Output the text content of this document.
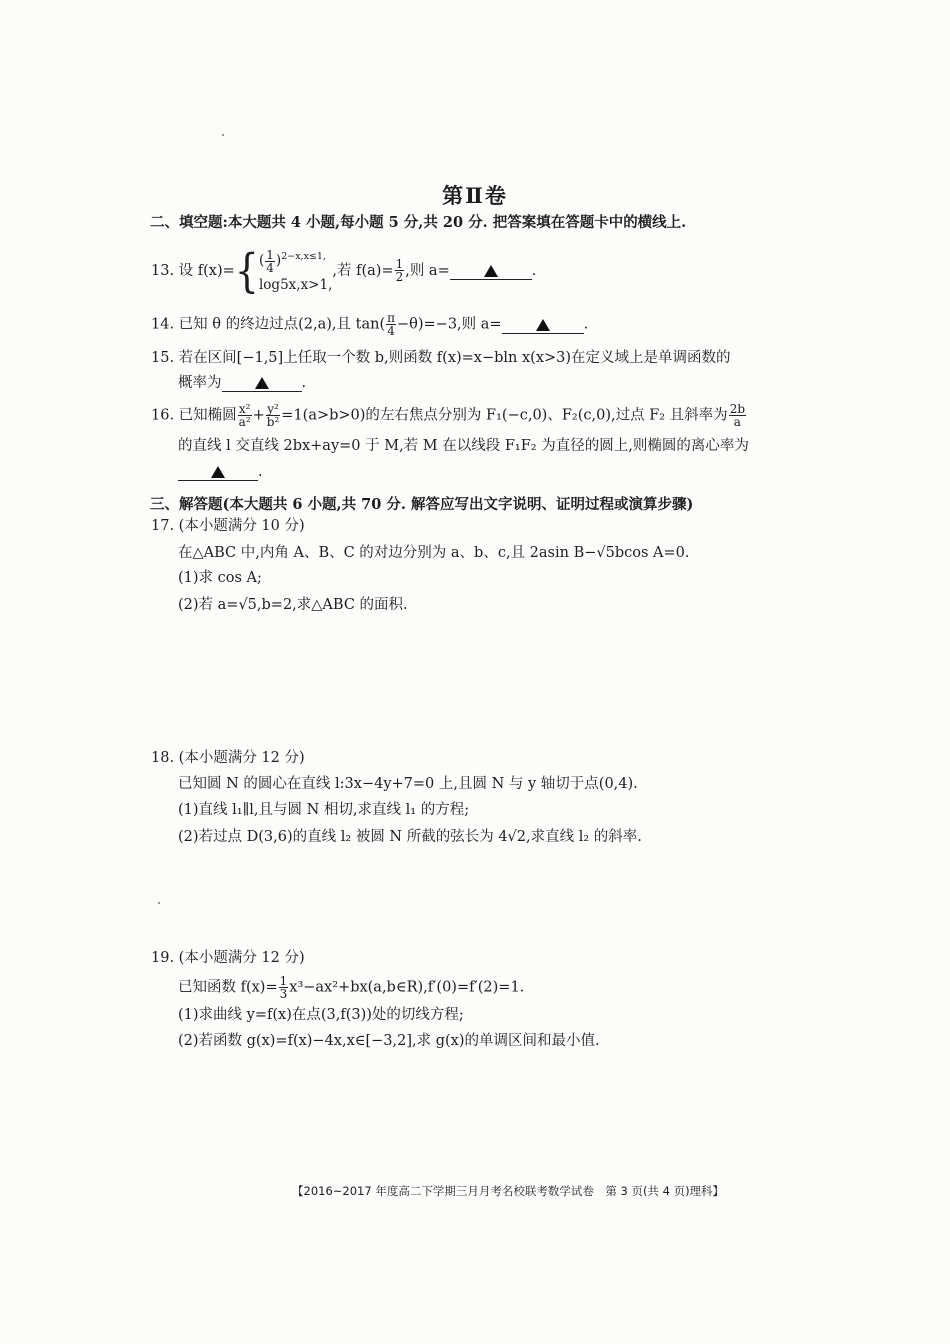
第Ⅱ卷
二、填空题:本大题共 4 小题,每小题 5 分,共 20 分. 把答案填在答题卡中的横线上.
13. 设 f(x)={ ( $\frac{1}{4} )^{2-x,x\le 1,}$
log5x,x>1,
,若 $f(a)= \frac{1}{2}$ ,则 a=	.
14. 已知 θ 的终边过点(2,a),且 $\tan( \frac{\pi}{4} -\theta)=-3$,则 a=	.
15. 若在区间[−1,5]上任取一个数 b,则函数 f(x)=x−bln x(x>3)在定义域上是单调函数的
概率为	.
16. 已知椭圆 $\frac{\text{x²}}{\text{a²}} + \frac{\text{y²}}{\text{b²}} =1(a>b>0)$的左右焦点分别为 F₁(−c,0)、F₂(c,0),过点 F₂ 且斜率为 $\frac{2b}{a}$
的直线 l 交直线 2bx+ay=0 于 M,若 M 在以线段 F₁F₂ 为直径的圆上,则椭圆的离心率为
.
三、解答题(本大题共 6 小题,共 70 分. 解答应写出文字说明、证明过程或演算步骤)
17. (本小题满分 10 分)
在△ABC 中,内角 A、B、C 的对边分别为 a、b、c,且 2asin B−√5bcos A=0.
(1)求 cos A;
(2)若 a=√5,b=2,求△ABC 的面积.
18. (本小题满分 12 分)
已知圆 N 的圆心在直线 l:3x−4y+7=0 上,且圆 N 与 y 轴切于点(0,4).
(1)直线 l₁∥l,且与圆 N 相切,求直线 l₁ 的方程;
(2)若过点 D(3,6)的直线 l₂ 被圆 N 所截的弦长为 4√2,求直线 l₂ 的斜率.
19. (本小题满分 12 分)
已知函数 $f(x)= \frac{1}{3}$ x³−ax²+bx(a,b∈R),f′(0)=f′(2)=1.
(1)求曲线 y=f(x)在点(3,f(3))处的切线方程;
(2)若函数 g(x)=f(x)−4x,x∈[−3,2],求 g(x)的单调区间和最小值.
【2016~2017 年度高二下学期三月月考名校联考数学试卷　第 3 页(共 4 页)理科】
